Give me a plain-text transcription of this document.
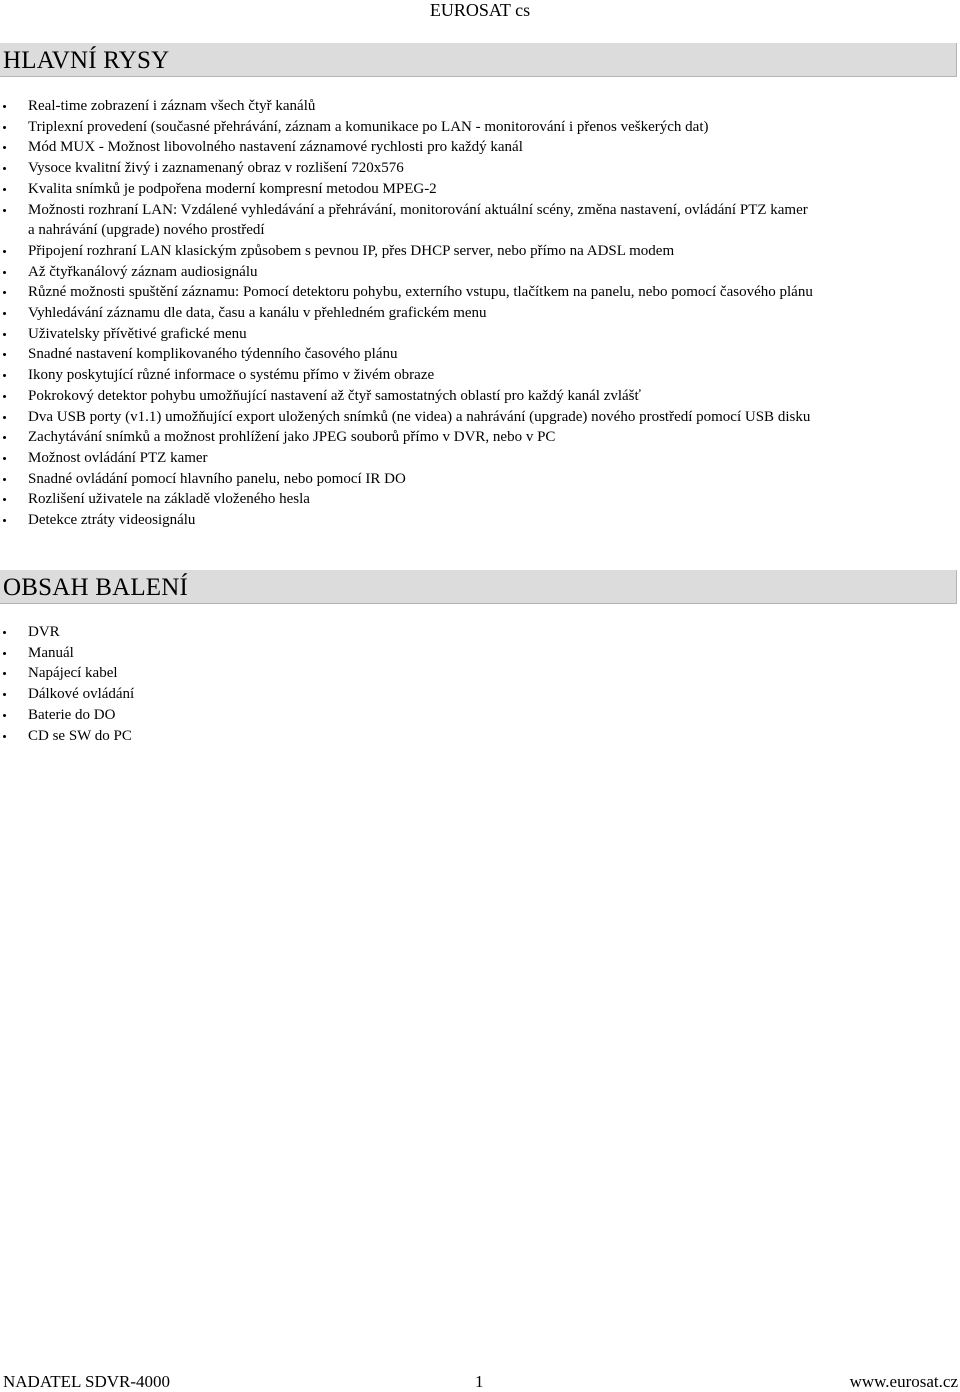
EUROSAT cs
HLAVNÍ RYSY
Real-time zobrazení i záznam všech čtyř kanálů
Triplexní provedení (současné přehrávání, záznam a komunikace po LAN - monitorování i přenos veškerých dat)
Mód MUX - Možnost libovolného nastavení záznamové rychlosti pro každý kanál
Vysoce kvalitní živý i zaznamenaný obraz v rozlišení 720x576
Kvalita snímků je podpořena moderní kompresní metodou MPEG-2
Možnosti rozhraní LAN: Vzdálené vyhledávání a přehrávání, monitorování aktuální scény, změna nastavení, ovládání PTZ kamer
a nahrávání (upgrade) nového prostředí
Připojení rozhraní LAN klasickým způsobem s pevnou IP, přes DHCP server, nebo přímo na ADSL modem
Až čtyřkanálový záznam audiosignálu
Různé možnosti spuštění záznamu: Pomocí detektoru pohybu, externího vstupu, tlačítkem na panelu, nebo pomocí časového plánu
Vyhledávání záznamu dle data, času a kanálu v přehledném grafickém menu
Uživatelsky přívětivé grafické menu
Snadné nastavení komplikovaného týdenního časového plánu
Ikony poskytující různé informace o systému přímo v živém obraze
Pokrokový detektor pohybu umožňující nastavení až čtyř samostatných oblastí pro každý kanál zvlášť
Dva USB porty (v1.1) umožňující export uložených snímků (ne videa) a nahrávání (upgrade) nového prostředí pomocí USB disku
Zachytávání snímků a možnost prohlížení jako JPEG souborů přímo v DVR, nebo v PC
Možnost ovládání PTZ kamer
Snadné ovládání pomocí hlavního panelu, nebo pomocí IR DO
Rozlišení uživatele na základě vloženého hesla
Detekce ztráty videosignálu
OBSAH BALENÍ
DVR
Manuál
Napájecí kabel
Dálkové ovládání
Baterie do DO
CD se SW do PC
NADATEL SDVR-4000	1	www.eurosat.cz
